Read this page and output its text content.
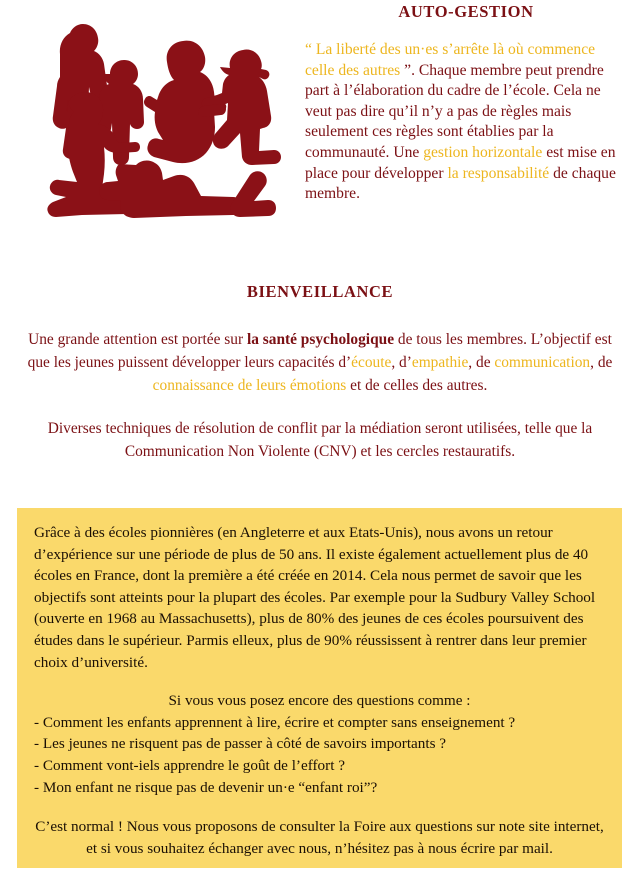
AUTO-GESTION
“ La liberté des un·es s’arrête là où commence celle des autres ”. Chaque membre peut prendre part à l’élaboration du cadre de l’école. Cela ne veut pas dire qu’il n’y a pas de règles mais seulement ces règles sont établies par la communauté. Une gestion horizontale est mise en place pour développer la responsabilité de chaque membre.
BIENVEILLANCE

Une grande attention est portée sur la santé psychologique de tous les membres. L’objectif est que les jeunes puissent développer leurs capacités d’écoute, d’empathie, de communication, de connaissance de leurs émotions et de celles des autres.

Diverses techniques de résolution de conflit par la médiation seront utilisées, telle que la Communication Non Violente (CNV) et les cercles restauratifs.

Grâce à des écoles pionnières (en Angleterre et aux Etats-Unis), nous avons un retour d’expérience sur une période de plus de 50 ans. Il existe également actuellement plus de 40 écoles en France, dont la première a été créée en 2014. Cela nous permet de savoir que les objectifs sont atteints pour la plupart des écoles. Par exemple pour la Sudbury Valley School (ouverte en 1968 au Massachusetts), plus de 80% des jeunes de ces écoles poursuivent des études dans le supérieur. Parmis elleux, plus de 90% réussissent à rentrer dans leur premier choix d’université.

Si vous vous posez encore des questions comme :

- Comment les enfants apprennent à lire, écrire et compter sans enseignement ?

- Les jeunes ne risquent pas de passer à côté de savoirs importants ?

- Comment vont-iels apprendre le goût de l’effort ?

- Mon enfant ne risque pas de devenir un·e “enfant roi”?

C’est normal ! Nous vous proposons de consulter la Foire aux questions sur note site internet, et si vous souhaitez échanger avec nous, n’hésitez pas à nous écrire par mail.
